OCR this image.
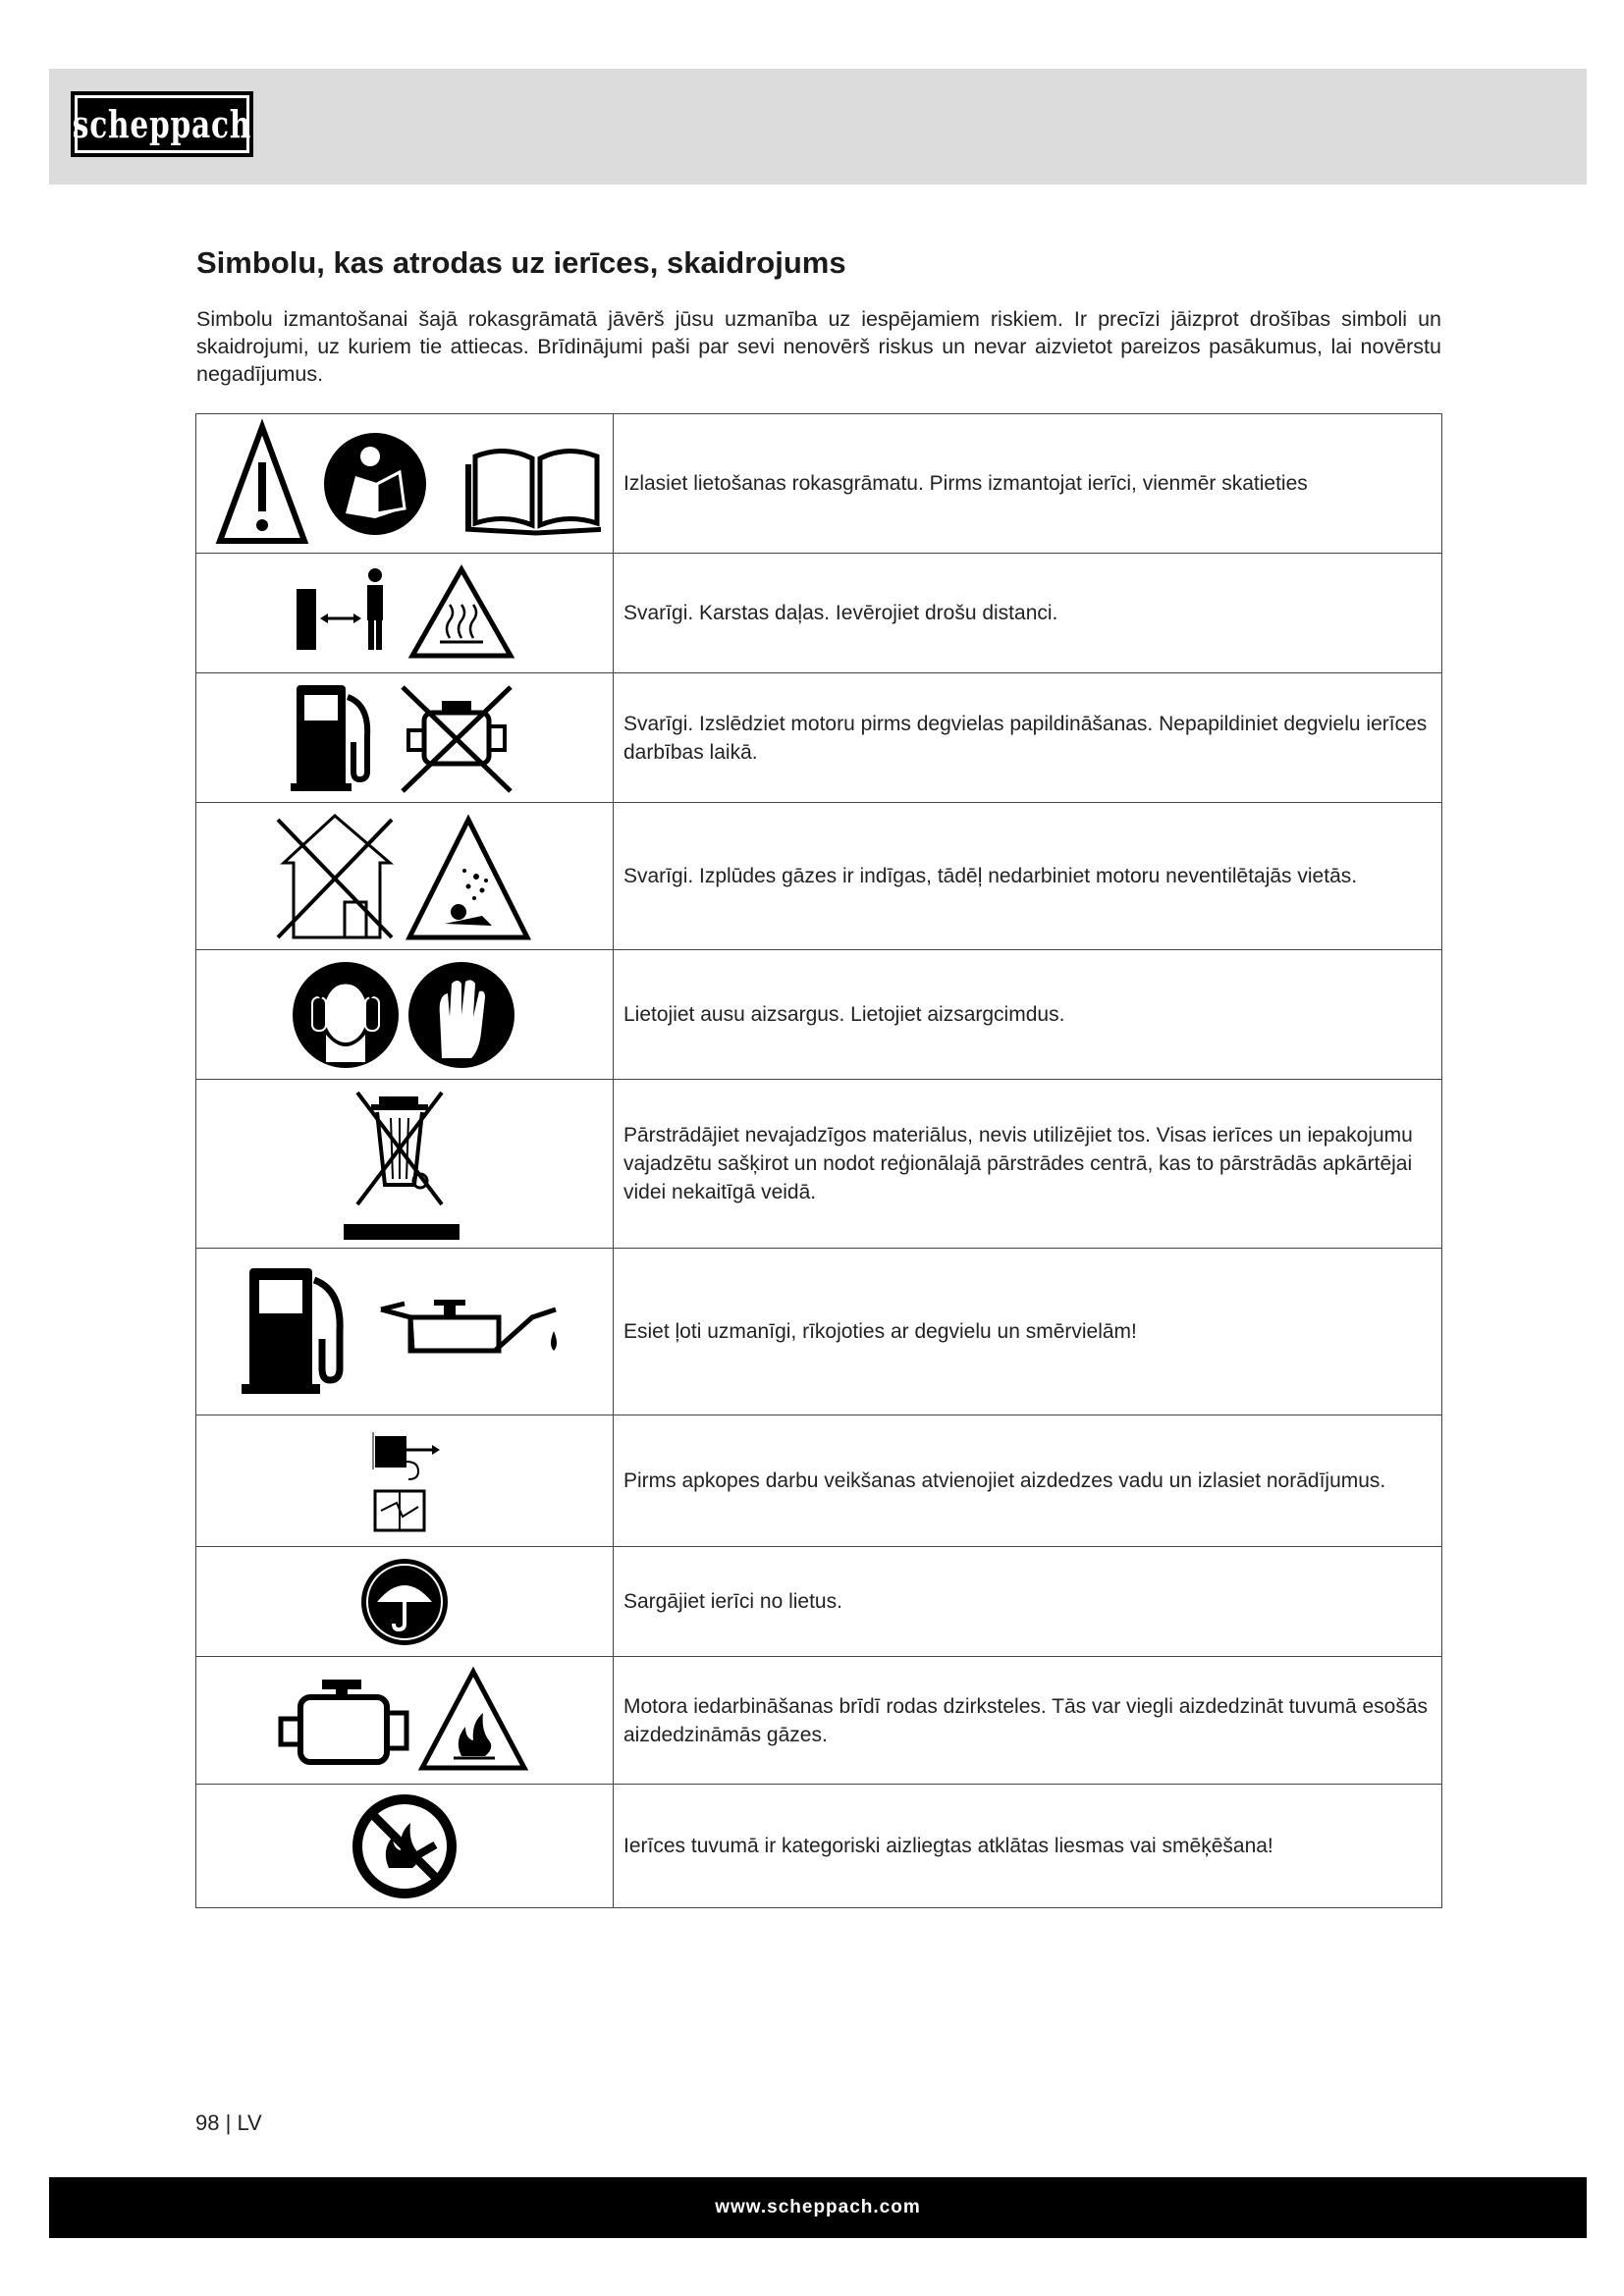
scheppach
Simbolu, kas atrodas uz ierīces, skaidrojums

Simbolu izmantošanai šajā rokasgrāmatā jāvērš jūsu uzmanība uz iespējamiem riskiem. Ir precīzi jāizprot drošības simboli un skaidrojumi, uz kuriem tie attiecas. Brīdinājumi paši par sevi nenovērš riskus un nevar aizvietot pareizos pasākumus, lai novērstu negadījumus.

	Izlasiet lietošanas rokasgrāmatu. Pirms izmantojat ierīci, vienmēr skatieties

	Svarīgi. Karstas daļas. Ievērojiet drošu distanci.

	Svarīgi. Izslēdziet motoru pirms degvielas papildināšanas. Nepapildiniet degvielu ierīces darbības laikā.

	Svarīgi. Izplūdes gāzes ir indīgas, tādēļ nedarbiniet motoru neventilētajās vietās.

	Lietojiet ausu aizsargus. Lietojiet aizsargcimdus.

	Pārstrādājiet nevajadzīgos materiālus, nevis utilizējiet tos. Visas ierīces un iepakojumu vajadzētu sašķirot un nodot reģionālajā pārstrādes centrā, kas to pārstrādās apkārtējai videi nekaitīgā veidā.

	Esiet ļoti uzmanīgi, rīkojoties ar degvielu un smērvielām!

	Pirms apkopes darbu veikšanas atvienojiet aizdedzes vadu un izlasiet norādījumus.

	Sargājiet ierīci no lietus.

	Motora iedarbināšanas brīdī rodas dzirksteles. Tās var viegli aizdedzināt tuvumā esošās aizdedzināmās gāzes.

	Ierīces tuvumā ir kategoriski aizliegtas atklātas liesmas vai smēķēšana!
98 | LV
www.scheppach.com
